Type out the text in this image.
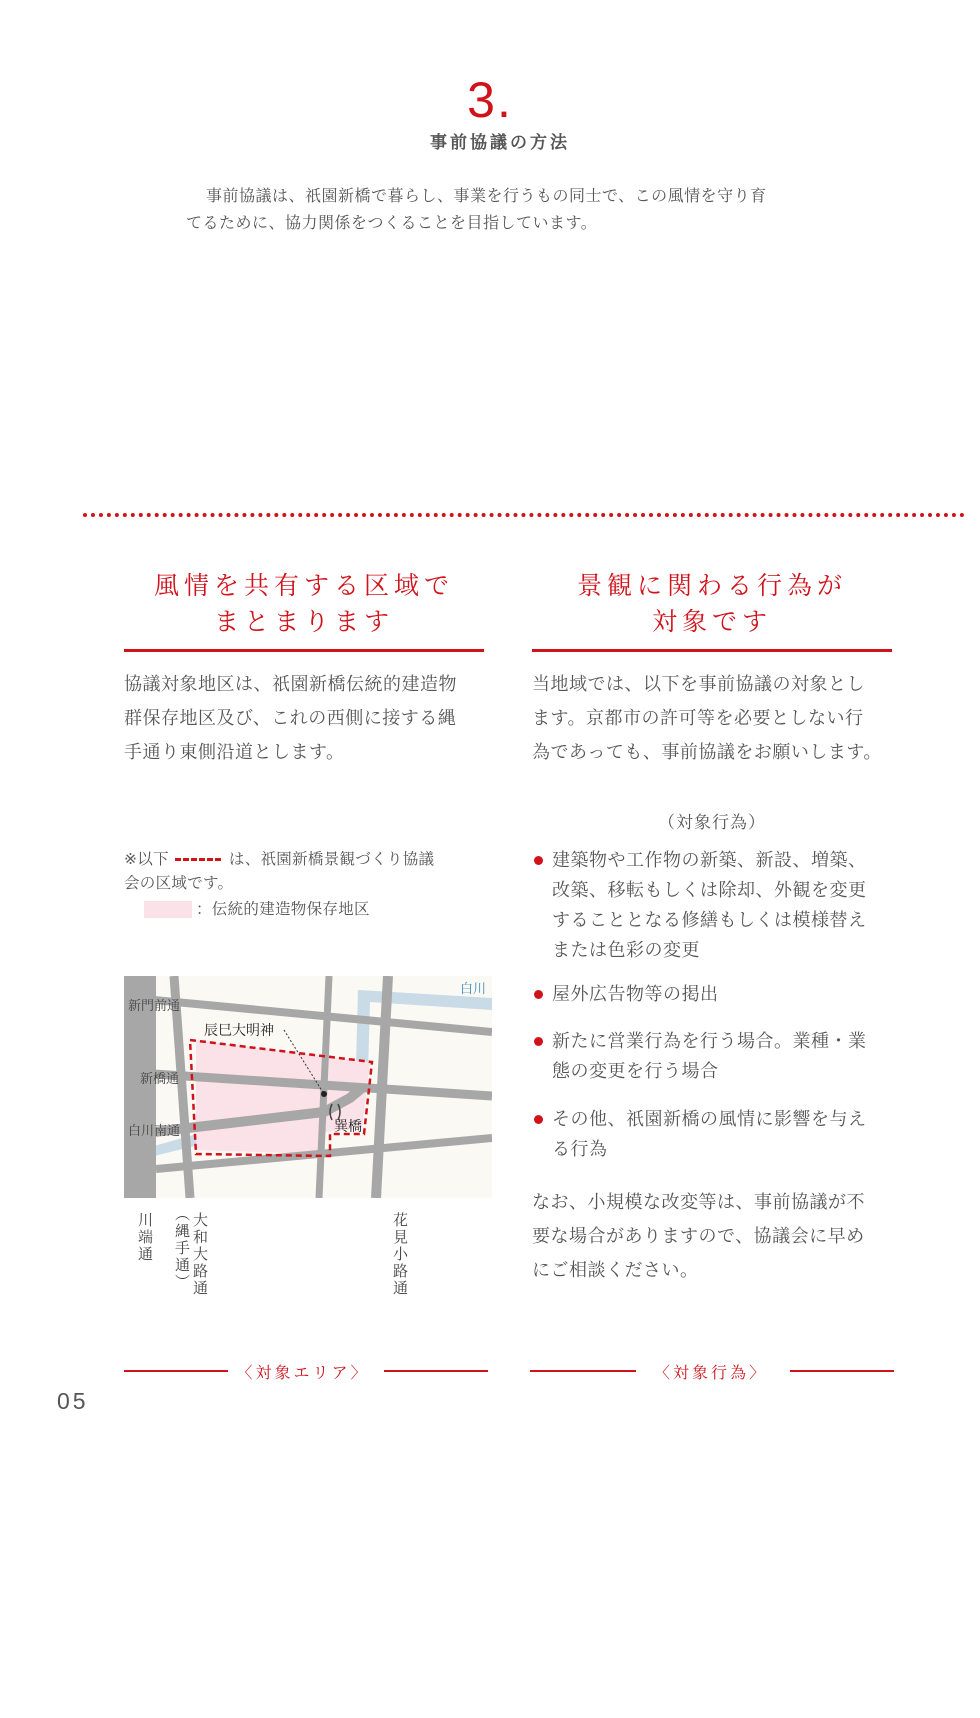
3.
事前協議の方法
事前協議は、祇園新橋で暮らし、事業を行うもの同士で、この風情を守り育
てるために、協力関係をつくることを目指しています。
風情を共有する区域で
まとまります
協議対象地区は、祇園新橋伝統的建造物
群保存地区及び、これの西側に接する縄
手通り東側沿道とします。
※以下	は、祇園新橋景観づくり協議
会の区域です。
：伝統的建造物保存地区
白川
新門前通
新橋通
白川南通
辰巳大明神
巽橋
川端通 大和大路通
（縄手通）	花見小路通
景観に関わる行為が
対象です
当地域では、以下を事前協議の対象とし
ます。京都市の許可等を必要としない行
為であっても、事前協議をお願いします。
（対象行為）
建築物や工作物の新築、新設、増築、
改築、移転もしくは除却、外観を変更
することとなる修繕もしくは模様替え
または色彩の変更
屋外広告物等の掲出
新たに営業行為を行う場合。業種・業
態の変更を行う場合
その他、祇園新橋の風情に影響を与え
る行為
なお、小規模な改変等は、事前協議が不
要な場合がありますので、協議会に早め
にご相談ください。
〈対象エリア〉	〈対象行為〉
05
